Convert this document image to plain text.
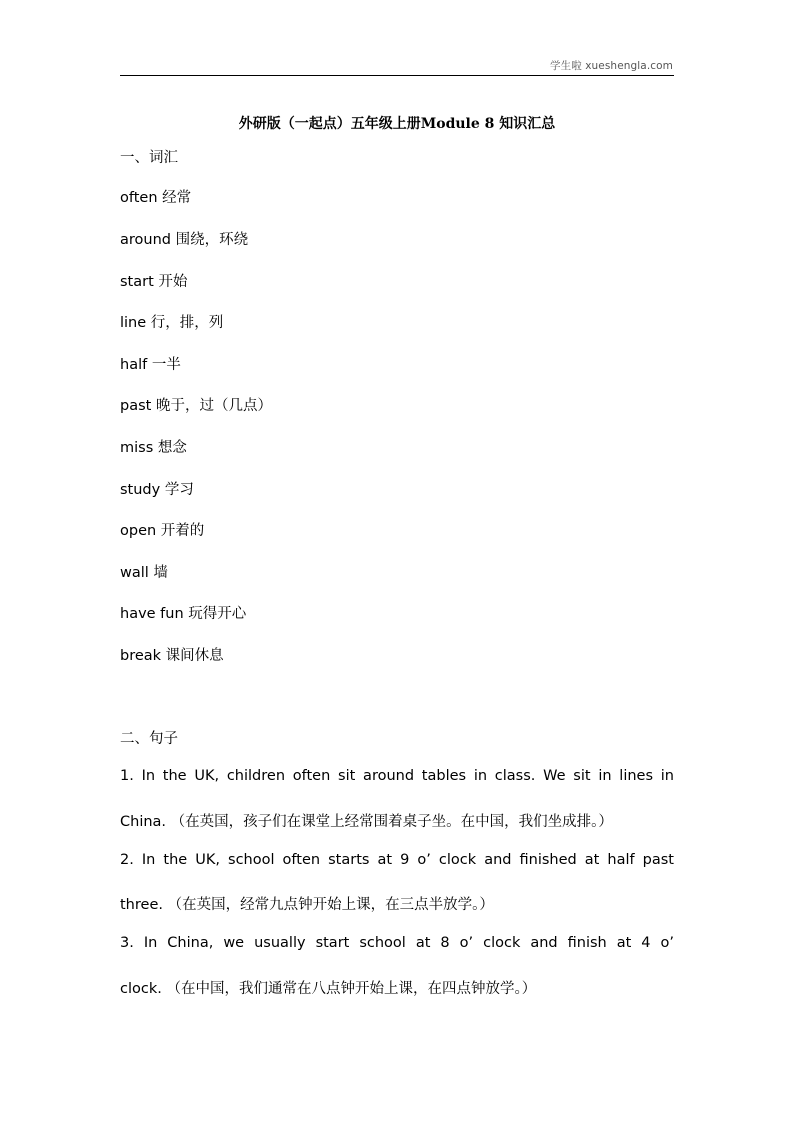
学生啦 xueshengla.com
外研版（一起点）五年级上册Module 8 知识汇总
一、词汇
often 经常
around 围绕，环绕
start 开始
line 行，排，列
half 一半
past 晚于，过（几点）
miss 想念
study 学习
open 开着的
wall 墙
have fun 玩得开心
break 课间休息
二、句子
1. In the UK, children often sit around tables in class. We sit in lines in
China. （在英国，孩子们在课堂上经常围着桌子坐。在中国，我们坐成排。）
2. In the UK, school often starts at 9 o’ clock and finished at half past
three. （在英国，经常九点钟开始上课，在三点半放学。）
3. In China, we usually start school at 8 o’ clock and finish at 4 o’
clock. （在中国，我们通常在八点钟开始上课，在四点钟放学。）
